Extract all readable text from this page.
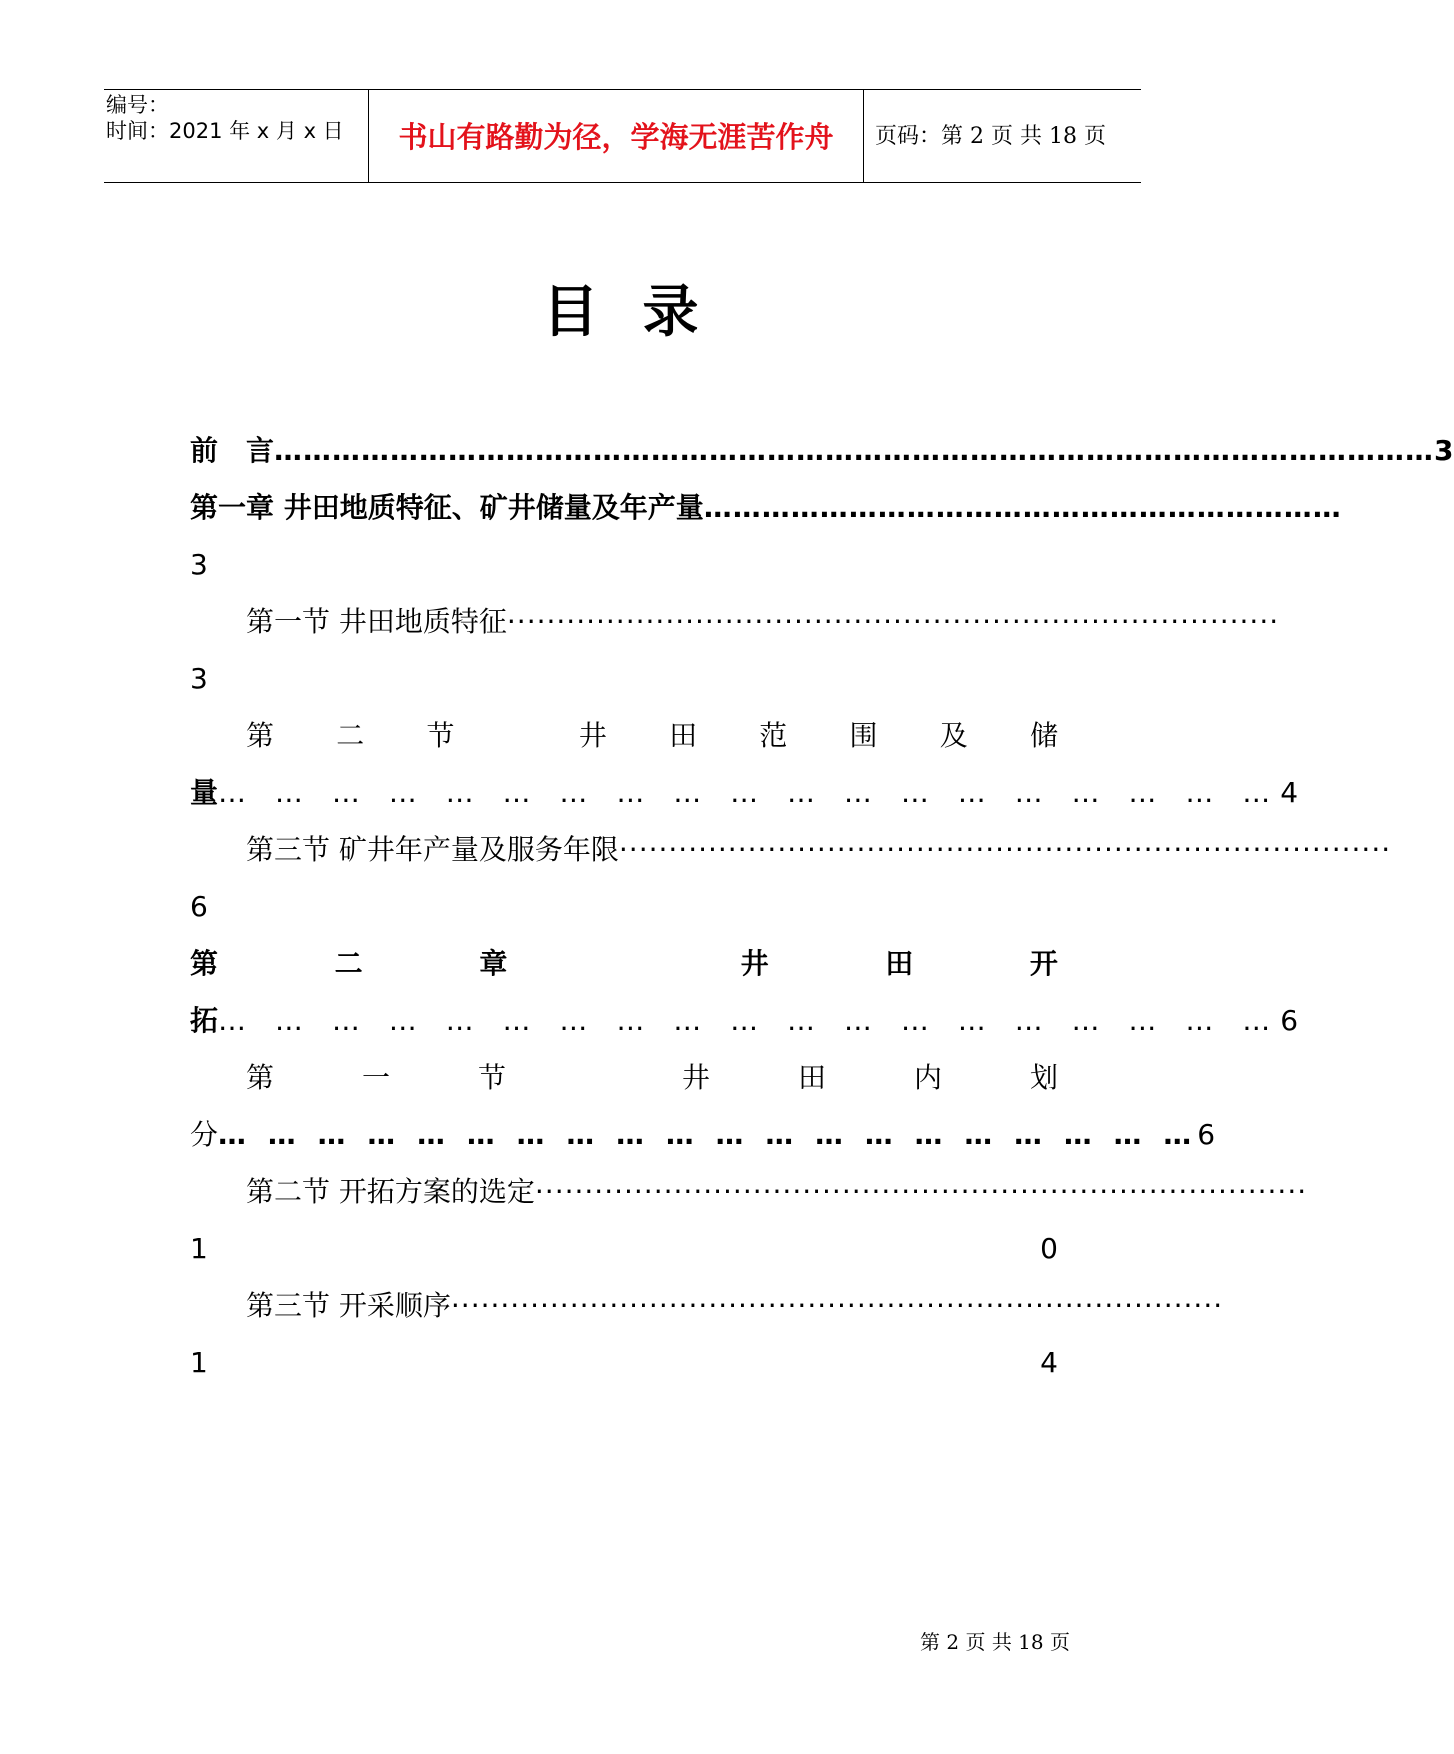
编号：
时间：2021 年 x 月 x 日	书山有路勤为径，学海无涯苦作舟	页码：第 2 页 共 18 页
目录
前　言 ………………………………………………………………………………………………………… 3
第一章 井田地质特征、矿井储量及年产量 …………………………………………………………
3
第一节 井田地质特征 ··············································································
3
第 二 节	井 田 范 围 及 储
量 … … … … … … … … … … … … … … … … … … … 4
第三节 矿井年产量及服务年限 ··············································································
6
第	二	章	井	田	开
拓 … … … … … … … … … … … … … … … … … … … 6
第	一	节	井	田	内	划
分 … … … … … … … … … … … … … … … … … … … … 6
第二节 开拓方案的选定 ··············································································
1	0
第三节 开采顺序 ··············································································
1	4
第 2 页 共 18 页
